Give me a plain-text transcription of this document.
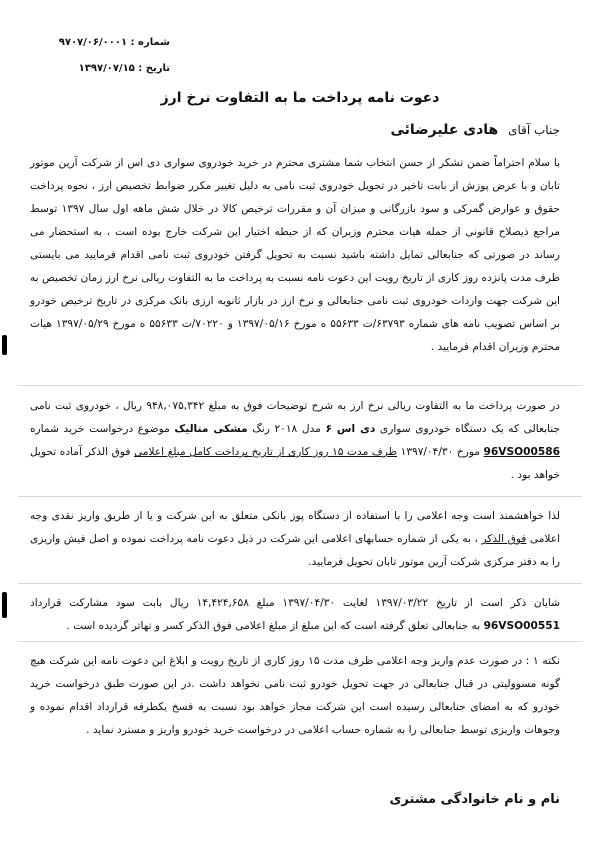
شماره : ۹۷۰۷/۰۶/۰۰۰۱
تاریخ : ۱۳۹۷/۰۷/۱۵
دعوت نامه پرداخت ما به التفاوت نرخ ارز
جناب آقای هادی علیرضائی
با سلام احتراماً ضمن تشکر از حسن انتخاب شما مشتری محترم در خرید خودروی سواری دی اس از شرکت آرین موتور تابان و با عرض پوزش از بابت تاخیر در تحویل خودروی ثبت نامی به دلیل تغییر مکرر ضوابط تخصیص ارز ، نحوه پرداخت حقوق و عوارض گمرکی و سود بازرگانی و میزان آن و مقررات ترخیص کالا در خلال شش ماهه اول سال ۱۳۹۷ توسط مراجع ذیصلاح قانونی از جمله هیات محترم وزیران که از حیطه اختیار این شرکت خارج بوده است ، به استحضار می رساند در صورتی که جنابعالی تمایل داشته باشید نسبت به تحویل گرفتن خودروی ثبت نامی اقدام فرمایید می بایستی ظرف مدت پانزده روز کاری از تاریخ رویت این دعوت نامه نسبت به پرداخت ما به التفاوت ریالی نرخ ارز زمان تخصیص به این شرکت جهت واردات خودروی ثبت نامی جنابعالی و نرخ ارز در بازار ثانویه ارزی بانک مرکزی در تاریخ ترخیص خودرو بر اساس تصویب نامه های شماره ۶۳۷۹۳/ت ۵۵۶۳۳ ه مورخ ۱۳۹۷/۰۵/۱۶ و ۷۰۲۲۰/ت ۵۵۶۳۳ ه مورخ ۱۳۹۷/۰۵/۲۹ هیات محترم وزیران اقدام فرمایید .
در صورت پرداخت ما به التفاوت ریالی نرخ ارز به شرح توضیحات فوق به مبلغ ۹۴۸,۰۷۵,۳۴۲ ریال ، خودروی ثبت نامی جنابعالی که یک دستگاه خودروی سواری دی اس ۶ مدل ۲۰۱۸ رنگ مشکی متالیک موضوع درخواست خرید شماره 96VSO00586 مورخ ۱۳۹۷/۰۴/۳۰ ظرف مدت ۱۵ روز کاری از تاریخ پرداخت کامل مبلغ اعلامی فوق الذکر آماده تحویل خواهد بود .
لذا خواهشمند است وجه اعلامی را با استفاده از دستگاه پوز بانکی متعلق به این شرکت و یا از طریق واریز نقدی وجه اعلامی فوق الذکر ، به یکی از شماره حسابهای اعلامی این شرکت در ذیل دعوت نامه پرداخت نموده و اصل فیش واریزی را به دفتر مرکزی شرکت آرین موتور تابان تحویل فرمایید.
شایان ذکر است از تاریخ ۱۳۹۷/۰۳/۲۲ لغایت ۱۳۹۷/۰۴/۳۰ مبلغ ۱۴,۴۲۴,۶۵۸ ریال بابت سود مشارکت قرارداد 96VSO00551 به جنابعالی تعلق گرفته است که این مبلغ از مبلغ اعلامی فوق الذکر کسر و تهاتر گردیده است .
نکته ۱ : در صورت عدم واریز وجه اعلامی ظرف مدت ۱۵ روز کاری از تاریخ رویت و ابلاغ این دعوت نامه این شرکت هیچ گونه مسوولیتی در قبال جنابعالی در جهت تحویل خودرو ثبت نامی نخواهد داشت .در این صورت طبق درخواست خرید خودرو که به امضای جنابعالی رسیده است این شرکت مجاز خواهد بود نسبت به فسخ یکطرفه قرارداد اقدام نموده و وجوهات واریزی توسط جنابعالی را به شماره حساب اعلامی در درخواست خرید خودرو واریز و مسترد نماید .
نام و نام خانوادگی مشتری
